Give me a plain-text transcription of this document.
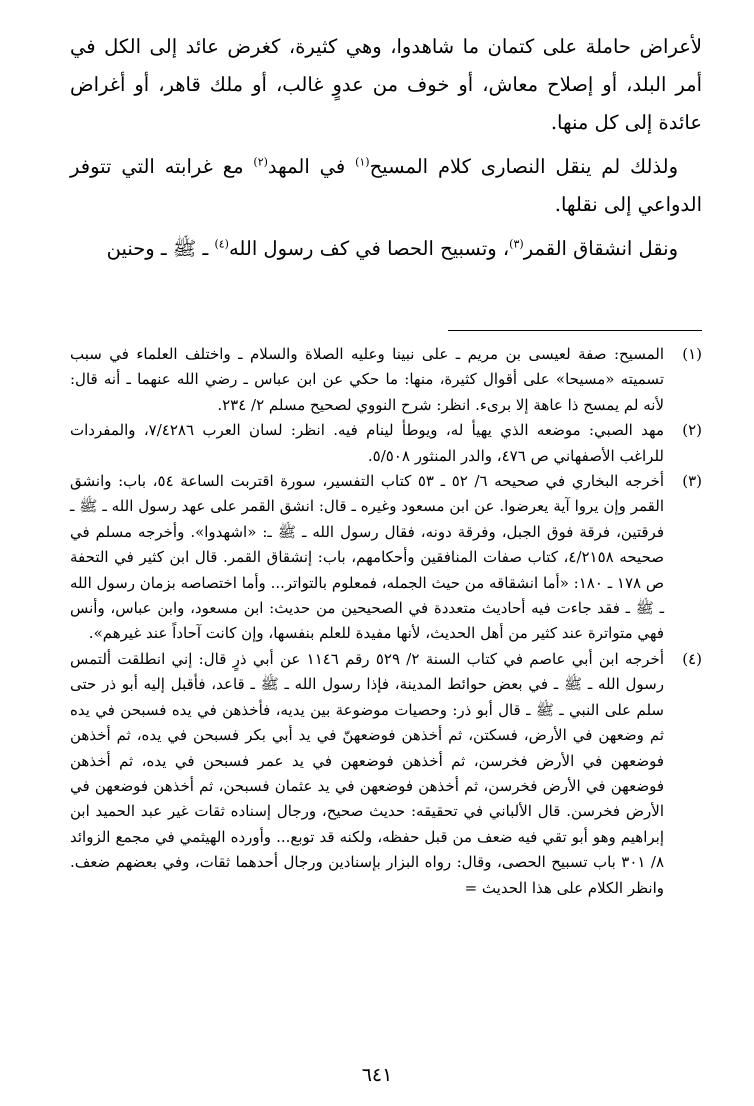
لأعراض حاملة على كتمان ما شاهدوا، وهي كثيرة، كغرض عائد إلى الكل في أمر البلد، أو إصلاح معاش، أو خوف من عدوٍ غالب، أو ملك قاهر، أو أغراض عائدة إلى كل منها.

ولذلك لم ينقل النصارى كلام المسيح$^{(١)}$ في المهد$^{(٢)}$ مع غرابته التي تتوفر الدواعي إلى نقلها.

ونقل انشقاق القمر$^{(٣)}$، وتسبيح الحصا في كف رسول الله$^{(٤)}$ ـ ﷺ ـ وحنين

(١)
المسيح: صفة لعيسى بن مريم ـ على نبينا وعليه الصلاة والسلام ـ واختلف العلماء في سبب تسميته «مسيحا» على أقوال كثيرة، منها: ما حكي عن ابن عباس ـ رضي الله عنهما ـ أنه قال: لأنه لم يمسح ذا عاهة إلا برىء. انظر: شرح النووي لصحيح مسلم ٢/ ٢٣٤.

(٢)
مهد الصبي: موضعه الذي يهيأ له، ويوطأ لينام فيه. انظر: لسان العرب ٧/٤٢٨٦، والمفردات للراغب الأصفهاني ص ٤٧٦، والدر المنثور ٥/٥٠٨.

(٣)
أخرجه البخاري في صحيحه ٦/ ٥٢ ـ ٥٣ كتاب التفسير، سورة اقتربت الساعة ٥٤، باب: وانشق القمر وإن يروا آية يعرضوا. عن ابن مسعود وغيره ـ قال: انشق القمر على عهد رسول الله ـ ﷺ ـ فرقتين، فرقة فوق الجبل، وفرقة دونه، فقال رسول الله ـ ﷺ ـ: «اشهدوا». وأخرجه مسلم في صحيحه ٤/٢١٥٨، كتاب صفات المنافقين وأحكامهم، باب: إنشقاق القمر. قال ابن كثير في التحفة ص ١٧٨ ـ ١٨٠: «أما انشقاقه من حيث الجمله، فمعلوم بالتواتر... وأما اختصاصه بزمان رسول الله ـ ﷺ ـ فقد جاءت فيه أحاديث متعددة في الصحيحين من حديث: ابن مسعود، وابن عباس، وأنس فهي متواترة عند كثير من أهل الحديث، لأنها مفيدة للعلم بنفسها، وإن كانت آحاداً عند غيرهم».

(٤)
أخرجه ابن أبي عاصم في كتاب السنة ٢/ ٥٢٩ رقم ١١٤٦ عن أبي ذرٍ قال: إني انطلقت ألتمس رسول الله ـ ﷺ ـ في بعض حوائط المدينة، فإذا رسول الله ـ ﷺ ـ قاعد، فأقبل إليه أبو ذر حتى سلم على النبي ـ ﷺ ـ قال أبو ذر: وحصيات موضوعة بين يديه، فأخذهن في يده فسبحن في يده ثم وضعهن في الأرض، فسكتن، ثم أخذهن فوضعهنّ في يد أبي بكر فسبحن في يده، ثم أخذهن فوضعهن في الأرض فخرسن، ثم أخذهن فوضعهن في يد عمر فسبحن في يده، ثم أخذهن فوضعهن في الأرض فخرسن، ثم أخذهن فوضعهن في يد عثمان فسبحن، ثم أخذهن فوضعهن في الأرض فخرسن. قال الألباني في تحقيقه: حديث صحيح، ورجال إسناده ثقات غير عبد الحميد ابن إبراهيم وهو أبو تقي فيه ضعف من قبل حفظه، ولكنه قد توبع... وأورده الهيثمي في مجمع الزوائد ٨/ ٣٠١ باب تسبيح الحصى، وقال: رواه البزار بإسنادين ورجال أحدهما ثقات، وفي بعضهم ضعف. وانظر الكلام على هذا الحديث =

٦٤١
